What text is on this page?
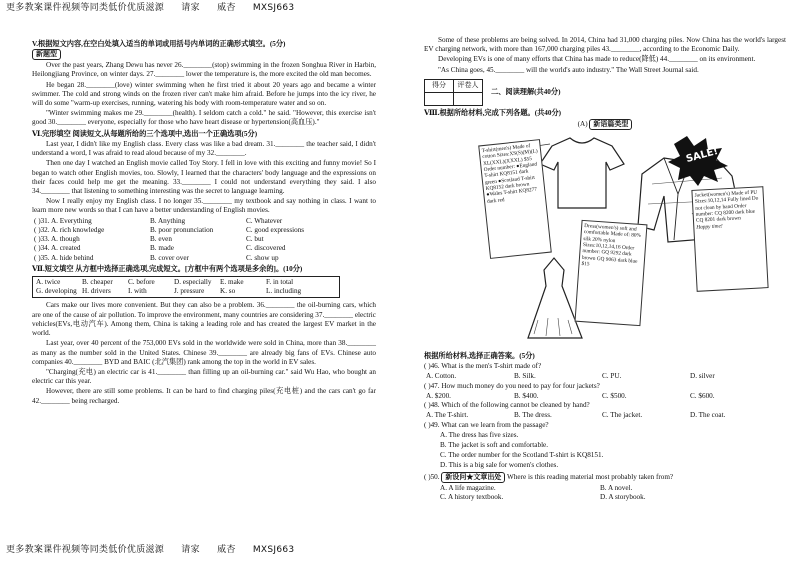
更多教案课件视频等同类低价优质滋源 请家 威杏 MXSJ663

V.根据短文内容,在空白处填入适当的单词或用括号内单词的正确形式填空。(5分)
新题型

Over the past years, Zhang Dewu has never 26.________(stop) swimming in the frozen Songhua River in Harbin, Heilongjiang Province, on winter days. 27.________ lower the temperature is, the more excited the old man becomes.

He began 28.________(love) winter swimming when he first tried it about 20 years ago and became a winter swimmer. The cold and strong winds on the frozen river can't make him afraid. Before he jumps into the icy river, he will do some "warm-up exercises, running, watering his body with room-temperature water and so on.

"Winter swimming makes me 29.________(health). I seldom catch a cold." he said. "However, this exercise isn't good 30.________ everyone, especially for those who have heart disease or hypertension(高血压)."

Ⅵ.完形填空 阅读短文,从每题所给的三个选项中,选出一个正确选项(5分)

Last year, I didn't like my English class. Every class was like a bad dream. 31.________ the teacher said, I didn't understand a word, I was afraid to read aloud because of my 32.________.

Then one day I watched an English movie called Toy Story. I fell in love with this exciting and funny movie! So I began to watch other English movies, too. Slowly, I learned that the characters' body language and the expressions on their faces could help me get the meaning. 33.________ I could not understand everything they said. I also 34.________ that listening to something interesting was the secret to language learning.

Now I really enjoy my English class. I no longer 35.________ my textbook and say nothing in class. I want to learn more new words so that I can have a better understanding of English movies.

( )31. A. Everything	B. Anything	C. Whatever
( )32. A. rich knowledge	B. poor pronunciation	C. good expressions
( )33. A. though	B. even	C. but
( )34. A. created	B. made	C. discovered
( )35. A. hide behind	B. cover over	C. show up

Ⅶ.短文填空 从方框中选择正确选项,完成短文。[方框中有两个选项是多余的]。(10分)

A. twice	B. cheaper	C. before	D. especially	E. make	F. in total
G. developing H. drivers	I. with	J. pressure	K. so	L. including

Cars make our lives more convenient. But they can also be a problem. 36.________ the oil-burning cars, which are one of the cause of air pollution. To improve the environment, many countries are considering 37.________ electric vehicles(EVs,电动汽车). Among them, China is taking a leading role and has created the largest EV market in the world.

Last year, over 40 percent of the 753,000 EVs sold in the worldwide were sold in China, more than 38.________ as many as the number sold in the United States. Chinese 39.________ are already big fans of EVs. Chinese auto companies 40.________ BYD and BAIC (北汽集团) rank among the top in the world in EV sales.

"Charging(充电) an electric car is 41.________ than filling up an oil-burning car." said Wu Hao, who bought an electric car this year.

However, there are still some problems. It can be hard to find charging piles(充电桩) and the cars can't go far 42.________ being recharged.

Some of these problems are being solved. In 2014, China had 31,000 charging piles. Now China has the world's largest EV charging network, with more than 167,000 charging piles 43.________, according to the Economic Daily.

Developing EVs is one of many efforts that China has made to reduce(降低) 44.________ on its environment.

"As China goes, 45.________ will the world's auto industry." The Wall Street Journal said.

得分	评卷人

二、阅读理解(共40分)

Ⅷ.根据所给材料,完成下列各题。(共40分)

(A) 新语篇类型

T-shirt(men's) Made of cotton Sizes:XS(S)(M)(L) XL(XXL)(XXXL) $55 Order number: ●England T-shirt KQ8151 dark green ●Scotland T-shirt KQ8152 dark brown ●Wales T-shirt KQ8277 dark red
Dress(women's) soft and comfortable Made of: 80% silk 20% nylon Sizes:10,12,14,16 Order number: GQ 9292 dark brown GQ 9063 dark blue $15
Jacket(women's) Made of PU Sizes:10,12,14 Fully lined Do not clean by hand Order number: CQ 8200 dark blue CQ 8201 dark brown
Happy time!
SALE!

根据所给材料,选择正确答案。(5分)

( )46. What is the men's T-shirt made of?

A. Cotton.	B. Silk.	C. PU.	D. silver

( )47. How much money do you need to pay for four jackets?

A. $200.	B. $400.	C. $500.	C. $600.

( )48. Which of the following cannot be cleaned by hand?

A. The T-shirt.	B. The dress.	C. The jacket.	D. The coat.

( )49. What can we learn from the passage?

A. The dress has five sizes.

B. The jacket is soft and comfortable.

C. The order number for the Scotland T-shirt is KQ8151.

D. This is a big sale for women's clothes.

( )50. 新设问★文章出处 Where is this reading material most probably taken from?

A. A life magazine.	B. A novel.
C. A history textbook.	D. A storybook.
更多教案课件视频等同类低价优质滋源 请家 威杏 MXSJ663
